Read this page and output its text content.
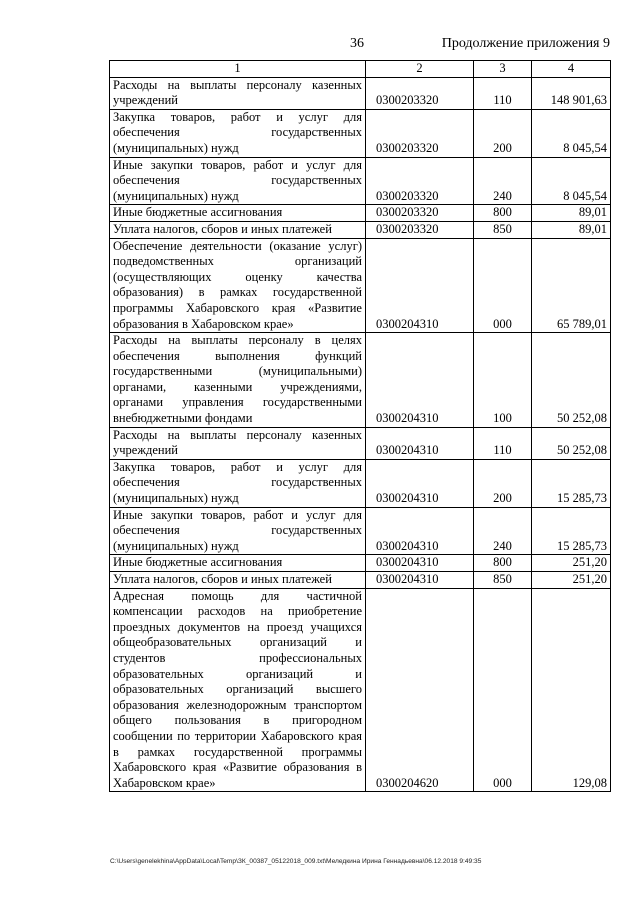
36	Продолжение приложения 9
1	2	3	4
Расходы на выплаты персоналу казенных учреждений	0300203320	110	148 901,63
Закупка товаров, работ и услуг для обеспечения государственных (муниципальных) нужд	0300203320	200	8 045,54
Иные закупки товаров, работ и услуг для обеспечения государственных (муниципальных) нужд	0300203320	240	8 045,54
Иные бюджетные ассигнования	0300203320	800	89,01
Уплата налогов, сборов и иных платежей	0300203320	850	89,01
Обеспечение деятельности (оказание услуг) подведомственных организаций (осуществляющих оценку качества образования) в рамках государственной программы Хабаровского края «Развитие образования в Хабаровском крае»	0300204310	000	65 789,01
Расходы на выплаты персоналу в целях обеспечения выполнения функций государственными (муниципальными) органами, казенными учреждениями, органами управления государственными внебюджетными фондами	0300204310	100	50 252,08
Расходы на выплаты персоналу казенных учреждений	0300204310	110	50 252,08
Закупка товаров, работ и услуг для обеспечения государственных (муниципальных) нужд	0300204310	200	15 285,73
Иные закупки товаров, работ и услуг для обеспечения государственных (муниципальных) нужд	0300204310	240	15 285,73
Иные бюджетные ассигнования	0300204310	800	251,20
Уплата налогов, сборов и иных платежей	0300204310	850	251,20
Адресная помощь для частичной компенсации расходов на приобретение проездных документов на проезд учащихся общеобразовательных организаций и студентов профессиональных образовательных организаций и образовательных организаций высшего образования железнодорожным транспортом общего пользования в пригородном сообщении по территории Хабаровского края в рамках государственной программы Хабаровского края «Развитие образования в Хабаровском крае»	0300204620	000	129,08
C:\Users\genelekhina\AppData\Local\Temp\ЗК_00387_05122018_009.txt\Меледкина Ирина Геннадьевна\06.12.2018 9:49:35
